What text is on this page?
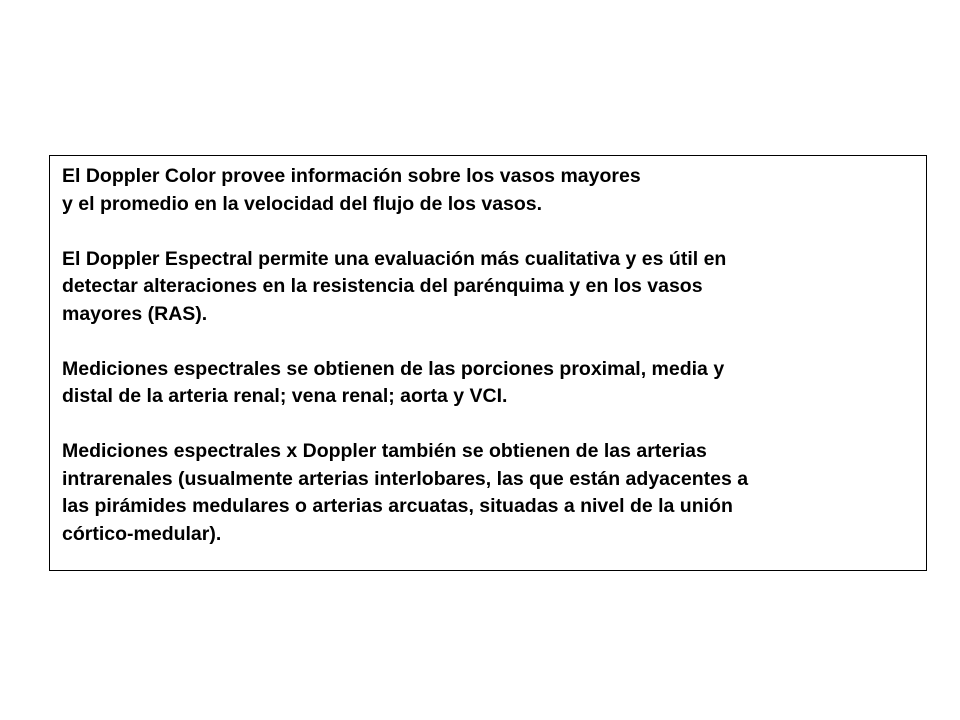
El Doppler Color provee información sobre los vasos mayores
y el promedio en la velocidad del flujo de los vasos.
El Doppler Espectral permite una evaluación más cualitativa y es útil en
detectar alteraciones en la resistencia del parénquima y en los vasos
mayores (RAS).
Mediciones espectrales se obtienen de las porciones proximal, media y
distal de la arteria renal; vena renal; aorta y VCI.
Mediciones espectrales x Doppler también se obtienen de las arterias
intrarenales (usualmente arterias interlobares, las que están adyacentes a
las pirámides medulares o arterias arcuatas, situadas a nivel de la unión
córtico-medular).
